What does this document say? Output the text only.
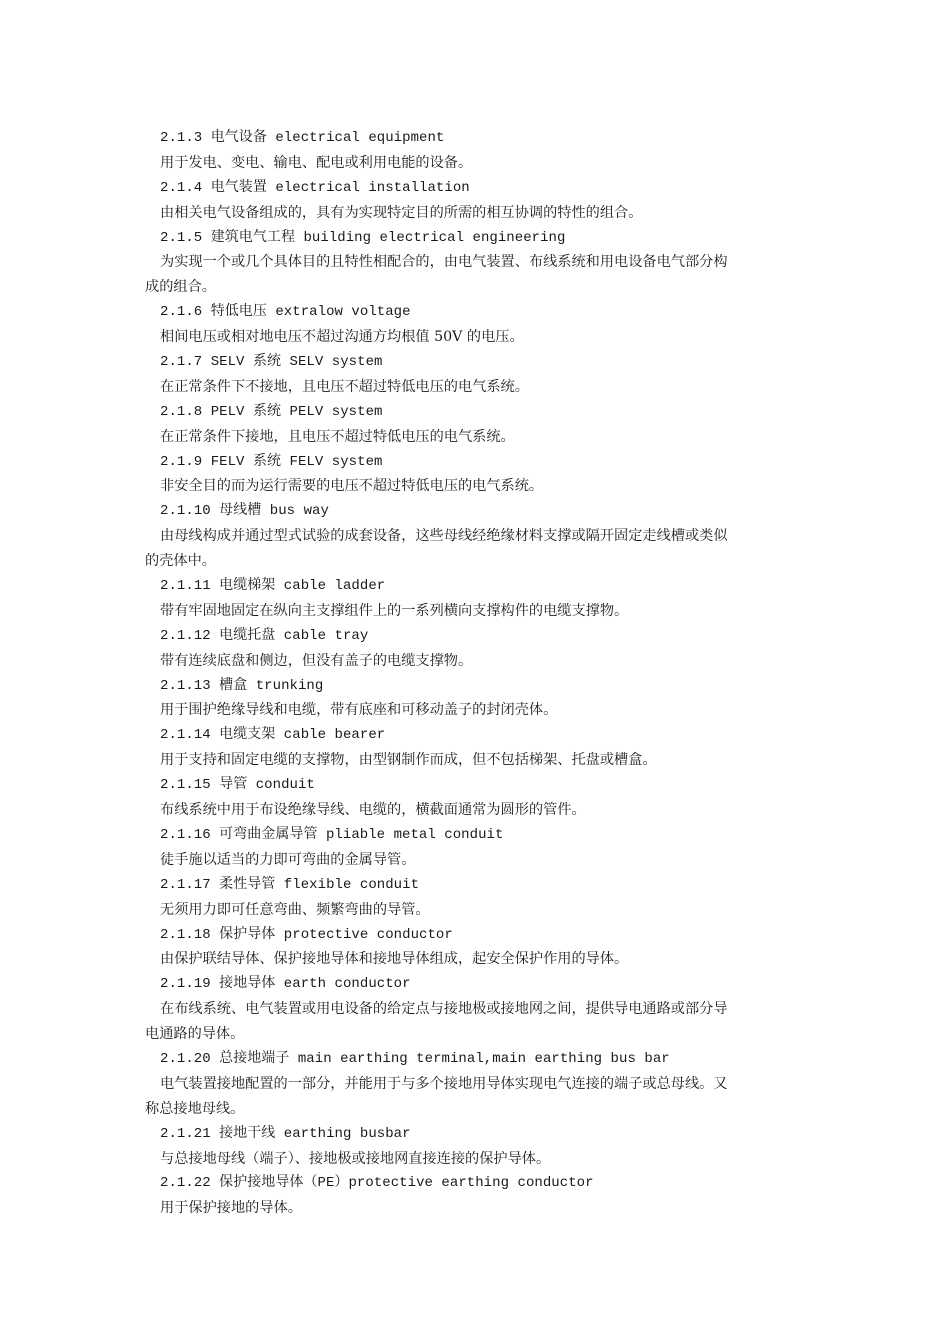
2.1.3 电气设备 electrical equipment
用于发电、变电、输电、配电或利用电能的设备。
2.1.4 电气装置 electrical installation
由相关电气设备组成的，具有为实现特定目的所需的相互协调的特性的组合。
2.1.5 建筑电气工程 building electrical engineering
为实现一个或几个具体目的且特性相配合的，由电气装置、布线系统和用电设备电气部分构
成的组合。
2.1.6 特低电压 extralow voltage
相间电压或相对地电压不超过沟通方均根值 50V 的电压。
2.1.7 SELV 系统 SELV system
在正常条件下不接地，且电压不超过特低电压的电气系统。
2.1.8 PELV 系统 PELV system
在正常条件下接地，且电压不超过特低电压的电气系统。
2.1.9 FELV 系统 FELV system
非安全目的而为运行需要的电压不超过特低电压的电气系统。
2.1.10 母线槽 bus way
由母线构成并通过型式试验的成套设备，这些母线经绝缘材料支撑或隔开固定走线槽或类似
的壳体中。
2.1.11 电缆梯架 cable ladder
带有牢固地固定在纵向主支撑组件上的一系列横向支撑构件的电缆支撑物。
2.1.12 电缆托盘 cable tray
带有连续底盘和侧边，但没有盖子的电缆支撑物。
2.1.13 槽盒 trunking
用于围护绝缘导线和电缆，带有底座和可移动盖子的封闭壳体。
2.1.14 电缆支架 cable bearer
用于支持和固定电缆的支撑物，由型钢制作而成，但不包括梯架、托盘或槽盒。
2.1.15 导管 conduit
布线系统中用于布设绝缘导线、电缆的，横截面通常为圆形的管件。
2.1.16 可弯曲金属导管 pliable metal conduit
徒手施以适当的力即可弯曲的金属导管。
2.1.17 柔性导管 flexible conduit
无须用力即可任意弯曲、频繁弯曲的导管。
2.1.18 保护导体 protective conductor
由保护联结导体、保护接地导体和接地导体组成，起安全保护作用的导体。
2.1.19 接地导体 earth conductor
在布线系统、电气装置或用电设备的给定点与接地极或接地网之间，提供导电通路或部分导
电通路的导体。
2.1.20 总接地端子 main earthing terminal,main earthing bus bar
电气装置接地配置的一部分，并能用于与多个接地用导体实现电气连接的端子或总母线。又
称总接地母线。
2.1.21 接地干线 earthing busbar
与总接地母线（端子）、接地极或接地网直接连接的保护导体。
2.1.22 保护接地导体（PE）protective earthing conductor
用于保护接地的导体。
